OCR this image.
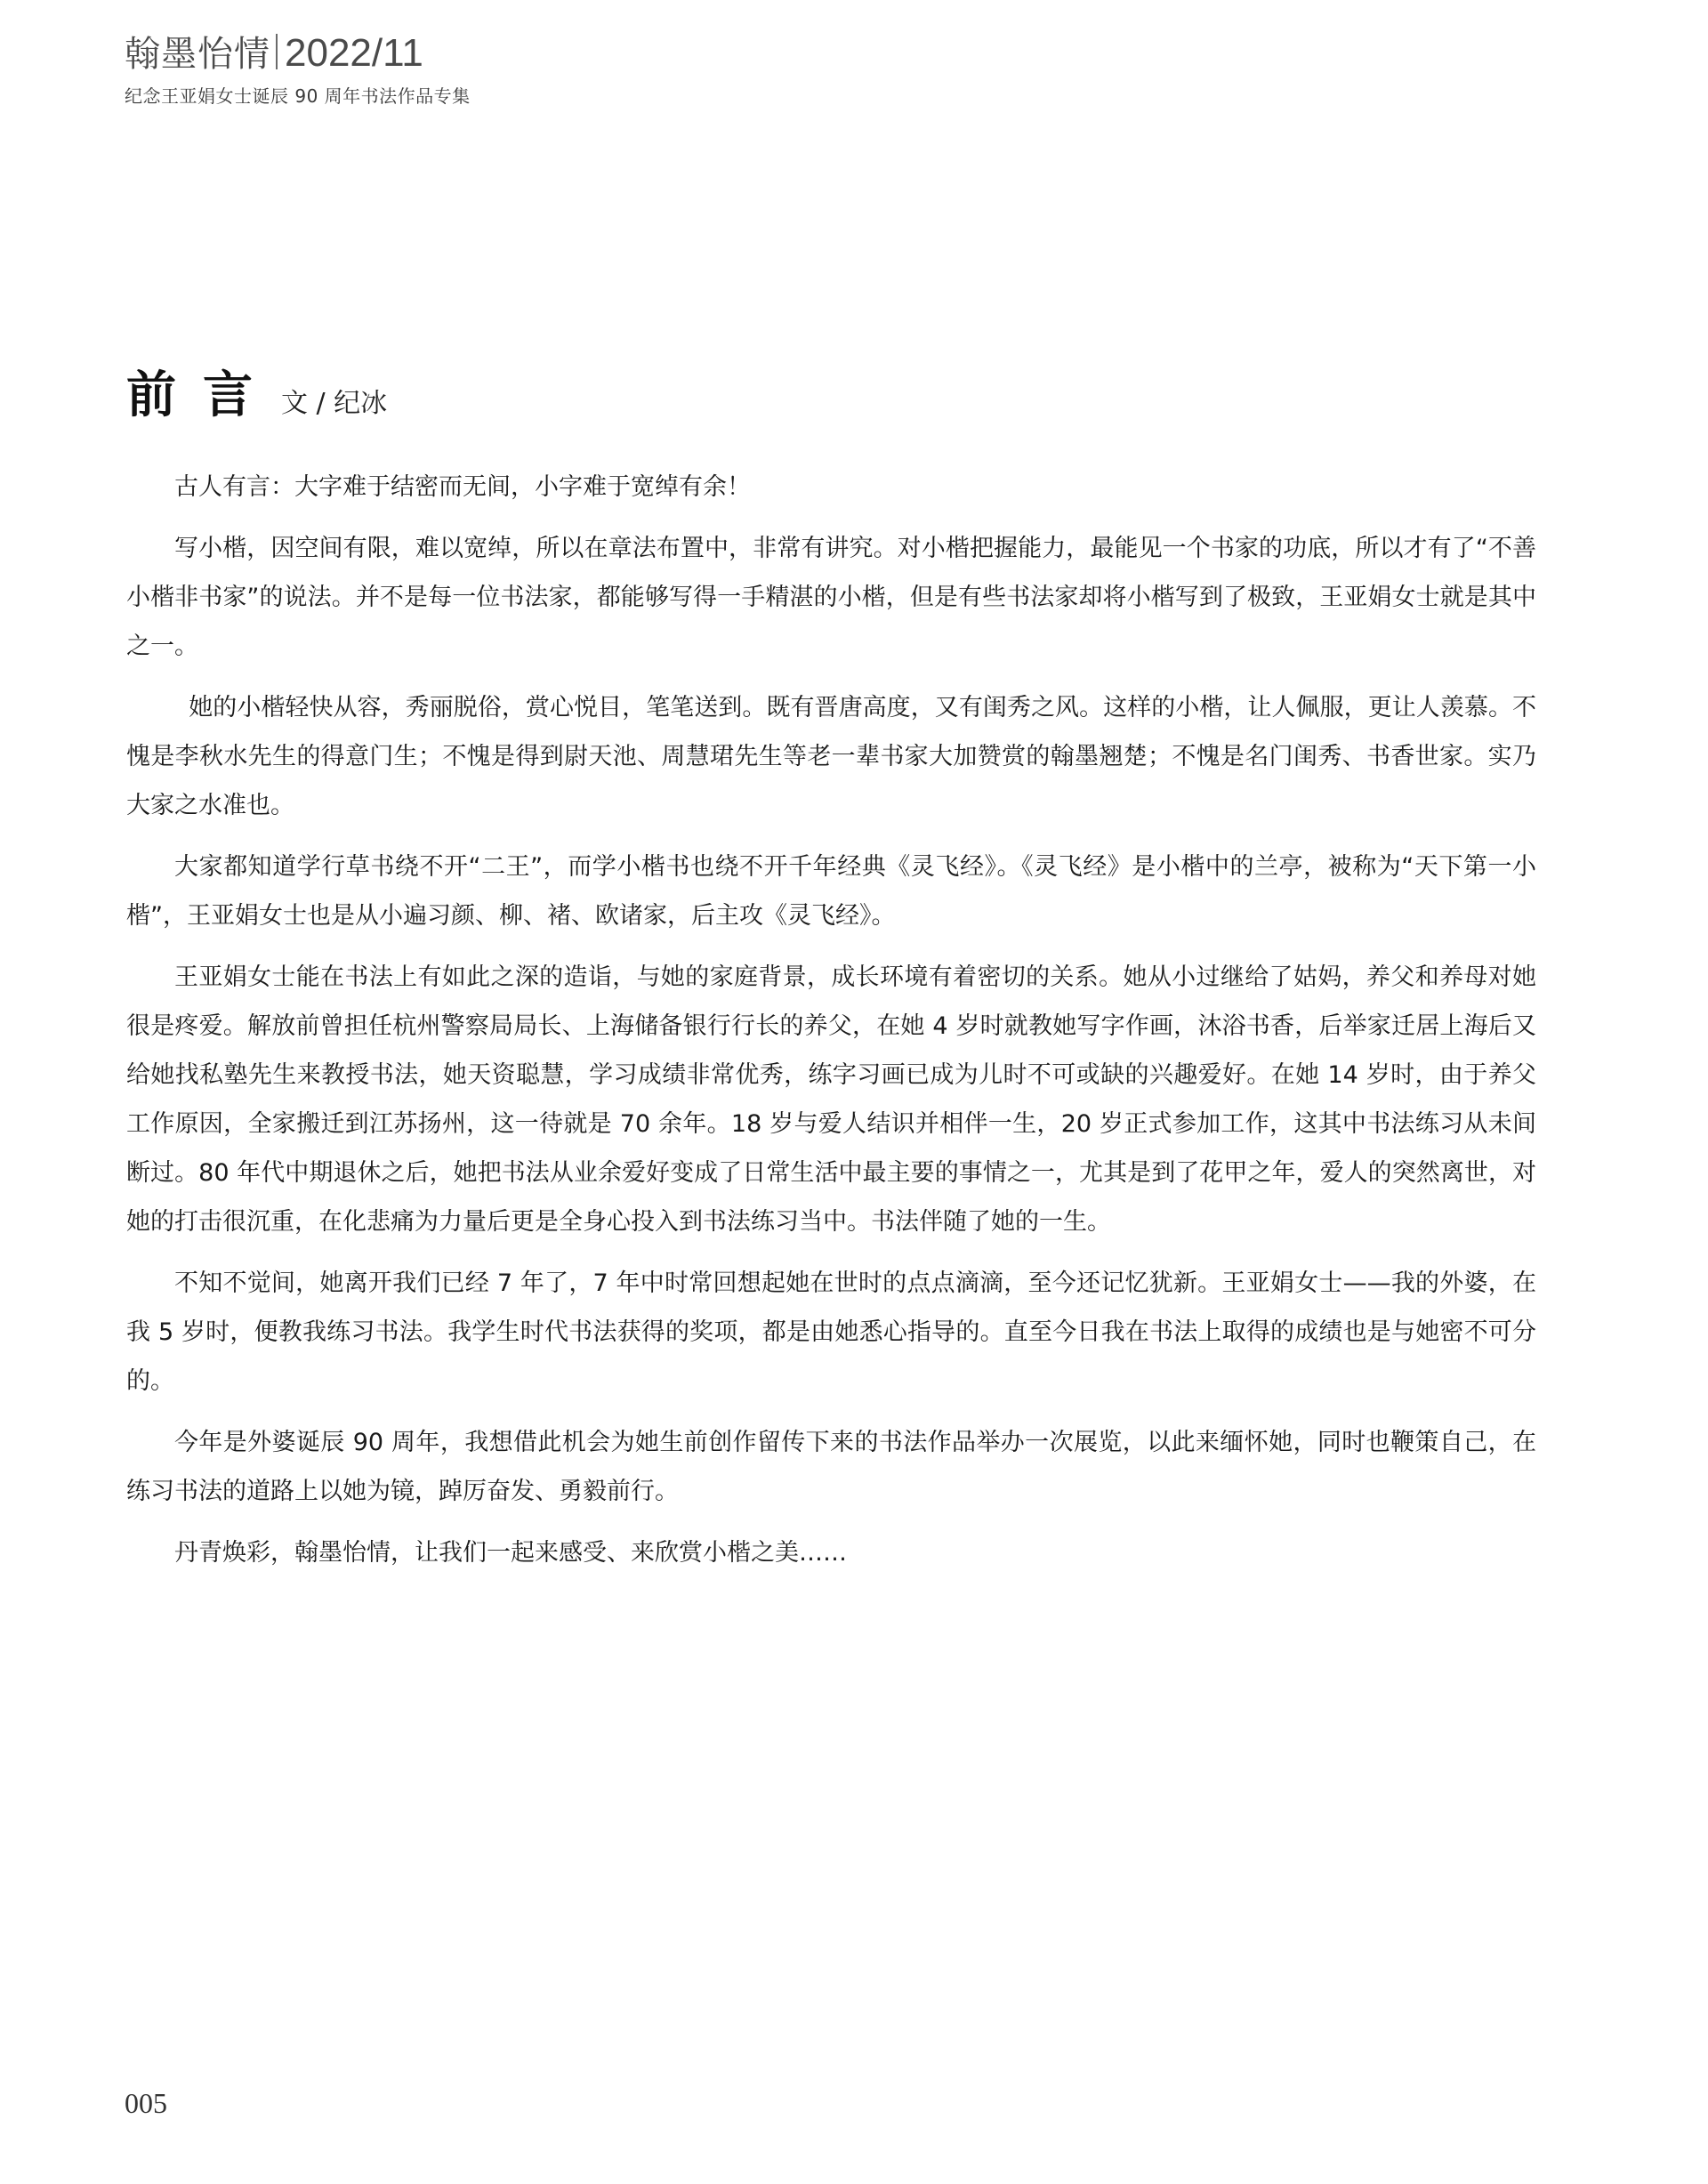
翰墨怡情 2022/11
纪念王亚娟女士诞辰 90 周年书法作品专集
前言 文 / 纪冰

古人有言：大字难于结密而无间，小字难于宽绰有余！

写小楷，因空间有限，难以宽绰，所以在章法布置中，非常有讲究。对小楷把握能力，最能见一个书家的功底，所以才有了“不善小楷非书家”的说法。并不是每一位书法家，都能够写得一手精湛的小楷，但是有些书法家却将小楷写到了极致，王亚娟女士就是其中之一。

她的小楷轻快从容，秀丽脱俗，赏心悦目，笔笔送到。既有晋唐高度，又有闺秀之风。这样的小楷，让人佩服，更让人羡慕。不愧是李秋水先生的得意门生；不愧是得到尉天池、周慧珺先生等老一辈书家大加赞赏的翰墨翘楚；不愧是名门闺秀、书香世家。实乃大家之水准也。

大家都知道学行草书绕不开“二王”，而学小楷书也绕不开千年经典《灵飞经》。《灵飞经》是小楷中的兰亭，被称为“天下第一小楷”，王亚娟女士也是从小遍习颜、柳、褚、欧诸家，后主攻《灵飞经》。

王亚娟女士能在书法上有如此之深的造诣，与她的家庭背景，成长环境有着密切的关系。她从小过继给了姑妈，养父和养母对她很是疼爱。解放前曾担任杭州警察局局长、上海储备银行行长的养父，在她 4 岁时就教她写字作画，沐浴书香，后举家迁居上海后又给她找私塾先生来教授书法，她天资聪慧，学习成绩非常优秀，练字习画已成为儿时不可或缺的兴趣爱好。在她 14 岁时，由于养父工作原因，全家搬迁到江苏扬州，这一待就是 70 余年。18 岁与爱人结识并相伴一生，20 岁正式参加工作，这其中书法练习从未间断过。80 年代中期退休之后，她把书法从业余爱好变成了日常生活中最主要的事情之一，尤其是到了花甲之年，爱人的突然离世，对她的打击很沉重，在化悲痛为力量后更是全身心投入到书法练习当中。书法伴随了她的一生。

不知不觉间，她离开我们已经 7 年了，7 年中时常回想起她在世时的点点滴滴，至今还记忆犹新。王亚娟女士——我的外婆，在我 5 岁时，便教我练习书法。我学生时代书法获得的奖项，都是由她悉心指导的。直至今日我在书法上取得的成绩也是与她密不可分的。

今年是外婆诞辰 90 周年，我想借此机会为她生前创作留传下来的书法作品举办一次展览，以此来缅怀她，同时也鞭策自己，在练习书法的道路上以她为镜，踔厉奋发、勇毅前行。

丹青焕彩，翰墨怡情，让我们一起来感受、来欣赏小楷之美……

005
